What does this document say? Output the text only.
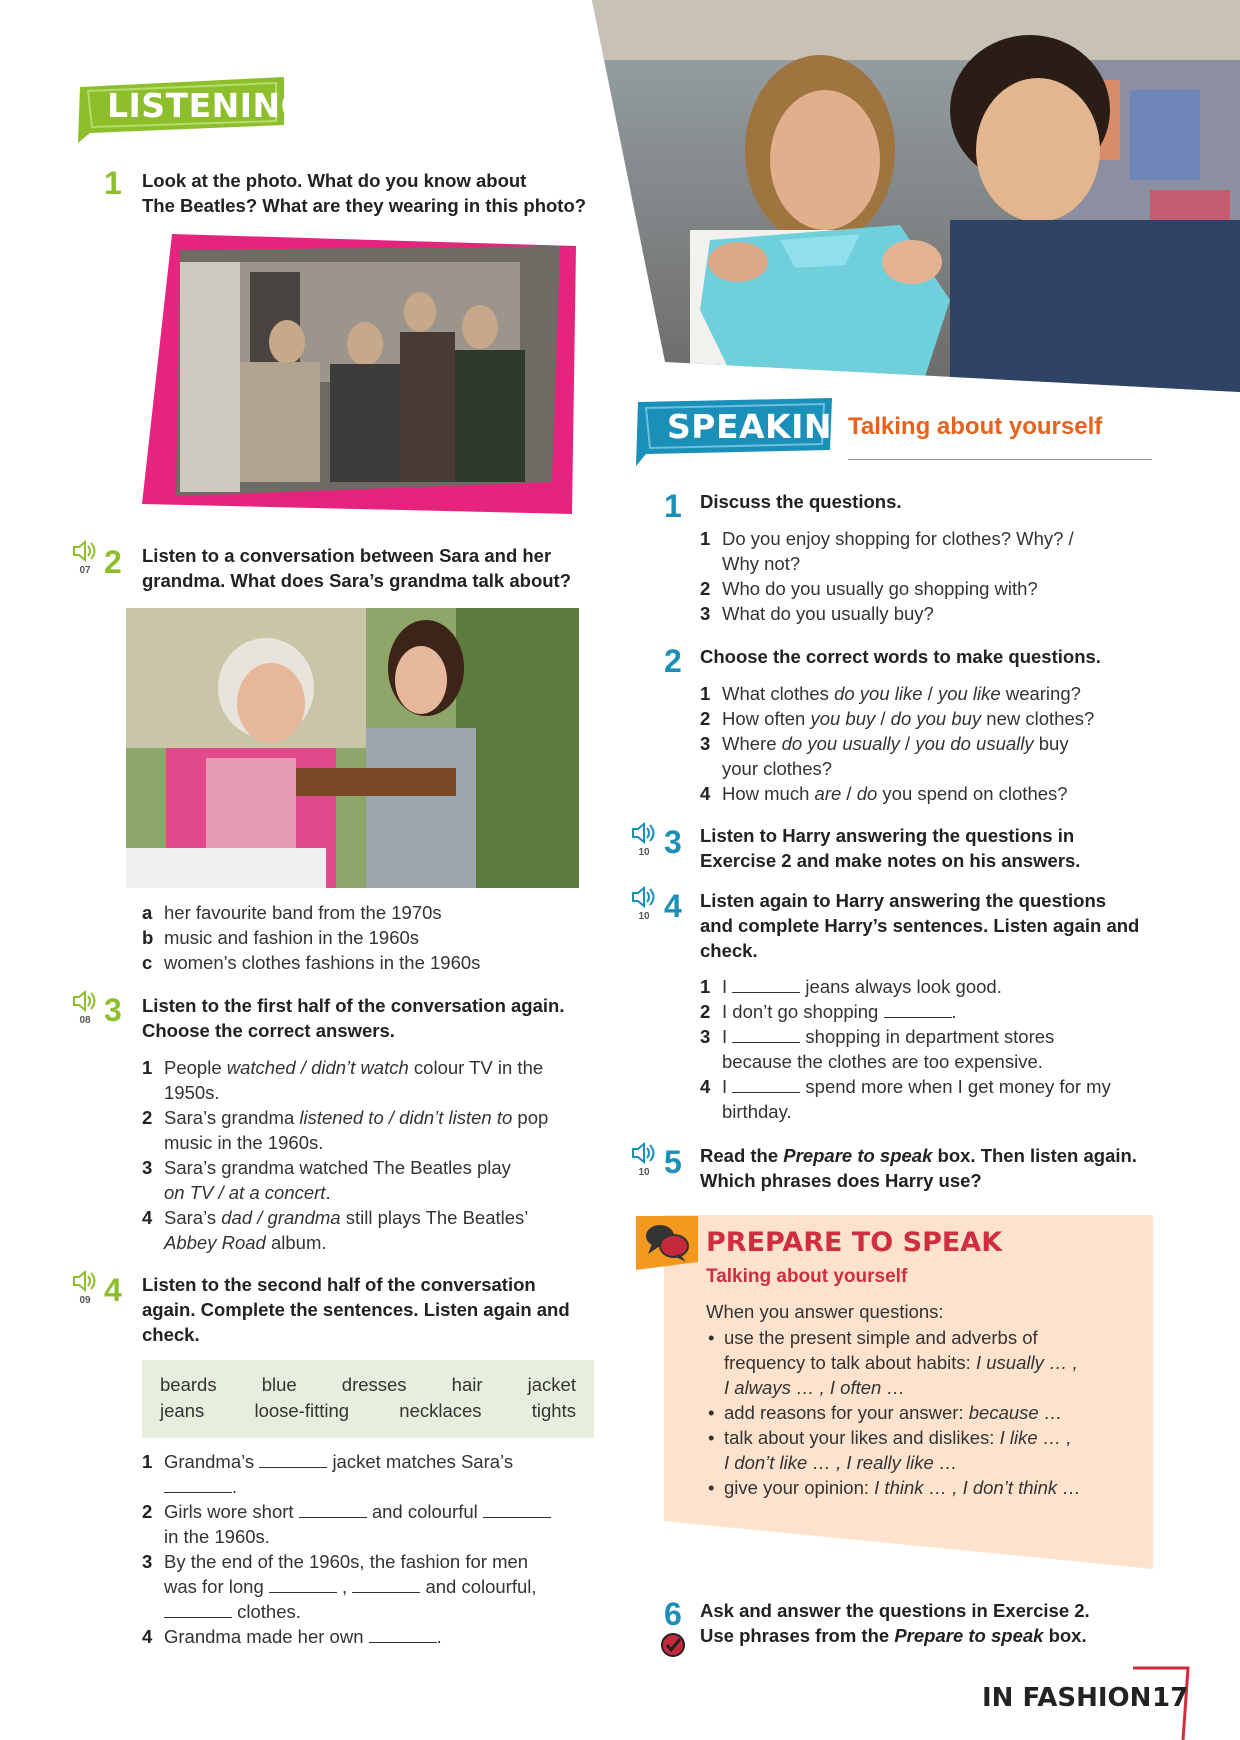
LISTENING
1 Look at the photo. What do you know about
The Beatles? What are they wearing in this photo?
07 2 Listen to a conversation between Sara and her
grandma. What does Sara’s grandma talk about?
a her favourite band from the 1970s
b music and fashion in the 1960s
c women’s clothes fashions in the 1960s
08 3 Listen to the first half of the conversation again.
Choose the correct answers.
1 People watched / didn’t watch colour TV in the
1950s.
2 Sara’s grandma listened to / didn’t listen to pop
music in the 1960s.
3 Sara’s grandma watched The Beatles play
on TV / at a concert.
4 Sara’s dad / grandma still plays The Beatles’
Abbey Road album.
09 4 Listen to the second half of the conversation
again. Complete the sentences. Listen again and
check.
beards blue dresses hair jacket
jeans	loose-fitting	necklaces	tights
1 Grandma’s	jacket matches Sara’s
.
2 Girls wore short	and colourful
in the 1960s.
3 By the end of the 1960s, the fashion for men
was for long	,	and colourful,
clothes.
4 Grandma made her own	.
SPEAKING
Talking about yourself
1 Discuss the questions.
1 Do you enjoy shopping for clothes? Why? /
Why not?
2 Who do you usually go shopping with?
3 What do you usually buy?
2 Choose the correct words to make questions.
1 What clothes do you like / you like wearing?
2 How often you buy / do you buy new clothes?
3 Where do you usually / you do usually buy
your clothes?
4 How much are / do you spend on clothes?
10 3 Listen to Harry answering the questions in
Exercise 2 and make notes on his answers.
10 4 Listen again to Harry answering the questions
and complete Harry’s sentences. Listen again and
check.
1 I	jeans always look good.
2 I don’t go shopping	.
3 I	shopping in department stores
because the clothes are too expensive.
4 I	spend more when I get money for my
birthday.
10 5 Read the Prepare to speak box. Then listen again.
Which phrases does Harry use?
PREPARE TO SPEAK
Talking about yourself
When you answer questions:
• use the present simple and adverbs of
frequency to talk about habits: I usually … ,
I always … , I often …
• add reasons for your answer: because …
• talk about your likes and dislikes: I like … ,
I don’t like … , I really like …
• give your opinion: I think … , I don’t think …
6 Ask and answer the questions in Exercise 2.
Use phrases from the Prepare to speak box.
IN FASHION 17
